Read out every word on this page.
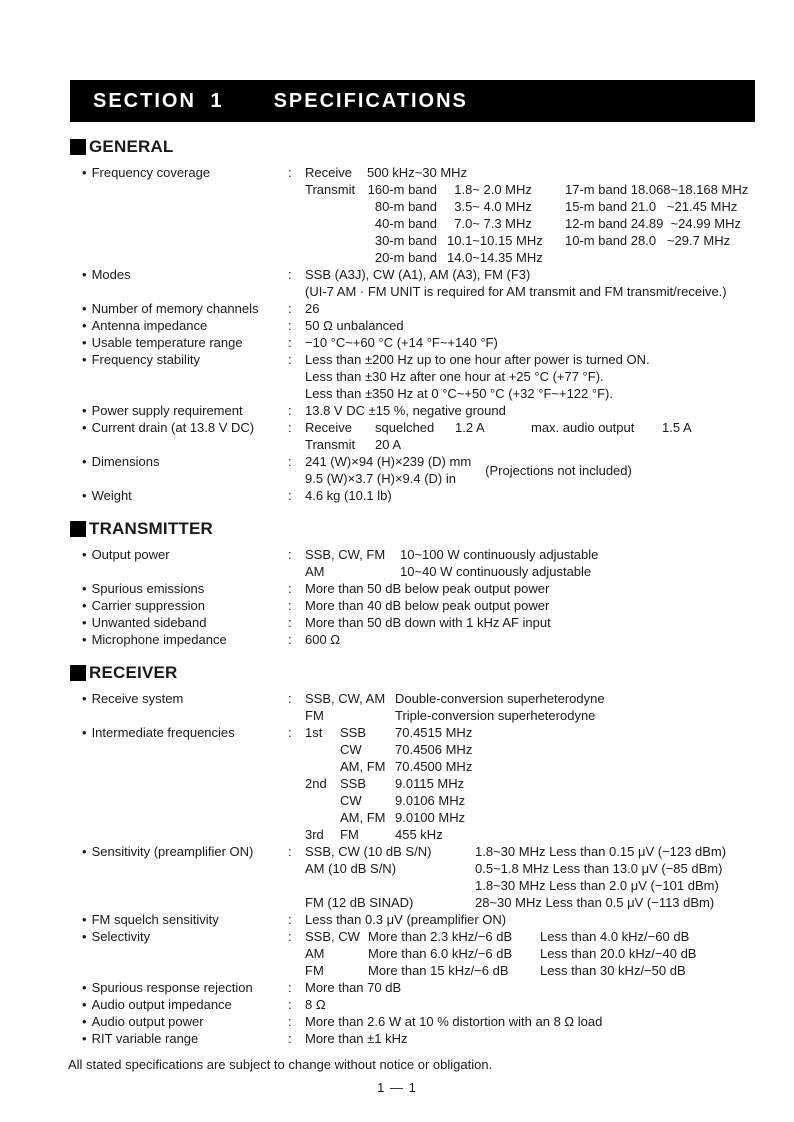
SECTION 1	SPECIFICATIONS
GENERAL
• Frequency coverage	:	Receive	500 kHz~30 MHz
Transmit 160-m band 1.8~ 2.0 MHz	17-m band 18.068~18.168 MHz
80-m band 3.5~ 4.0 MHz	15-m band 21.0   ~21.45 MHz
40-m band 7.0~ 7.3 MHz	12-m band 24.89  ~24.99 MHz
30-m band 10.1~10.15 MHz	10-m band 28.0   ~29.7 MHz
20-m band 14.0~14.35 MHz
• Modes	:	SSB (A3J), CW (A1), AM (A3), FM (F3)
(UI-7 AM · FM UNIT is required for AM transmit and FM transmit/receive.)
• Number of memory channels	:	26
• Antenna impedance	:	50 Ω unbalanced
• Usable temperature range	:	−10 °C~+60 °C (+14 °F~+140 °F)
• Frequency stability	:	Less than ±200 Hz up to one hour after power is turned ON.
Less than ±30 Hz after one hour at +25 °C (+77 °F).
Less than ±350 Hz at 0 °C~+50 °C (+32 °F~+122 °F).
• Power supply requirement	:	13.8 V DC ±15 %, negative ground
• Current drain (at 13.8 V DC)	:	Receive	squelched	1.2 A	max. audio output	1.5 A
Transmit	20 A
• Dimensions	:	241 (W)×94 (H)×239 (D) mm
9.5 (W)×3.7 (H)×9.4 (D) in
(Projections not included)
• Weight	:	4.6 kg (10.1 lb)
TRANSMITTER
• Output power	:	SSB, CW, FM	10~100 W continuously adjustable
AM	10~40 W continuously adjustable
• Spurious emissions	:	More than 50 dB below peak output power
• Carrier suppression	:	More than 40 dB below peak output power
• Unwanted sideband	:	More than 50 dB down with 1 kHz AF input
• Microphone impedance	:	600 Ω
RECEIVER
• Receive system	:	SSB, CW, AM Double-conversion superheterodyne
FM	Triple-conversion superheterodyne
• Intermediate frequencies	:	1st	SSB	70.4515 MHz
CW	70.4506 MHz
AM, FM 70.4500 MHz
2nd	SSB	9.0115 MHz
CW	9.0106 MHz
AM, FM 9.0100 MHz
3rd	FM	455 kHz
• Sensitivity (preamplifier ON)	:	SSB, CW (10 dB S/N)	1.8~30 MHz Less than 0.15 μV (−123 dBm)
AM (10 dB S/N)	0.5~1.8 MHz Less than 13.0 μV (−85 dBm)
1.8~30 MHz Less than 2.0 μV (−101 dBm)
FM (12 dB SINAD)	28~30 MHz Less than 0.5 μV (−113 dBm)
• FM squelch sensitivity	:	Less than 0.3 μV (preamplifier ON)
• Selectivity	:	SSB, CW More than 2.3 kHz/−6 dB	Less than 4.0 kHz/−60 dB
AM	More than 6.0 kHz/−6 dB	Less than 20.0 kHz/−40 dB
FM	More than 15 kHz/−6 dB	Less than 30 kHz/−50 dB
• Spurious response rejection	:	More than 70 dB
• Audio output impedance	:	8 Ω
• Audio output power	:	More than 2.6 W at 10 % distortion with an 8 Ω load
• RIT variable range	:	More than ±1 kHz
All stated specifications are subject to change without notice or obligation.
1 — 1
